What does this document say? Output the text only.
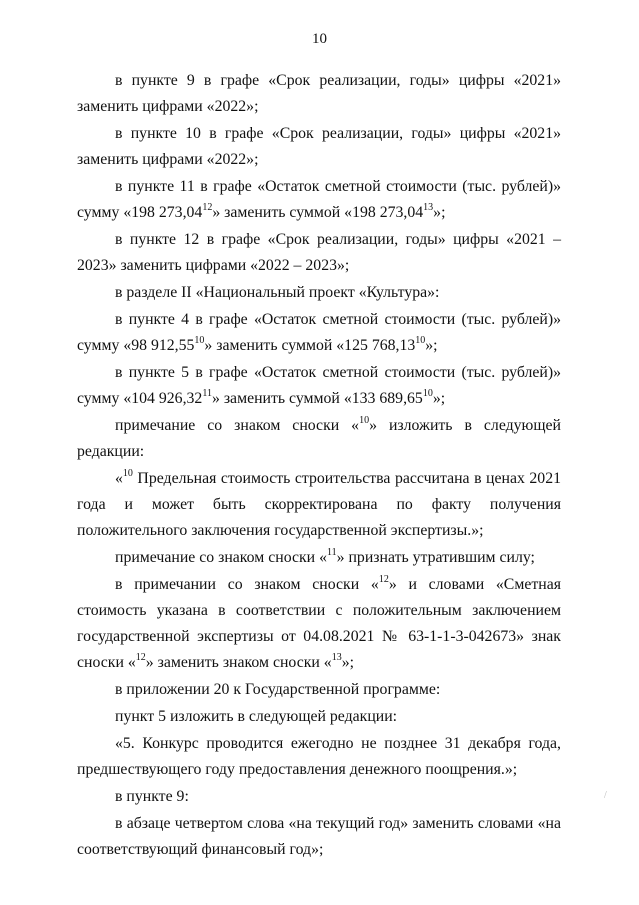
10

в пункте 9 в графе «Срок реализации, годы» цифры «2021» заменить цифрами «2022»;

в пункте 10 в графе «Срок реализации, годы» цифры «2021» заменить цифрами «2022»;

в пункте 11 в графе «Остаток сметной стоимости (тыс. рублей)» сумму «198 273,04$^{12}$» заменить суммой «198 273,04$^{13}$»;

в пункте 12 в графе «Срок реализации, годы» цифры «2021 – 2023» заменить цифрами «2022 – 2023»;

в разделе II «Национальный проект «Культура»:

в пункте 4 в графе «Остаток сметной стоимости (тыс. рублей)» сумму «98 912,55$^{10}$» заменить суммой «125 768,13$^{10}$»;

в пункте 5 в графе «Остаток сметной стоимости (тыс. рублей)» сумму «104 926,32$^{11}$» заменить суммой «133 689,65$^{10}$»;

примечание со знаком сноски «$^{10}$» изложить в следующей редакции:

«$^{10}$ Предельная стоимость строительства рассчитана в ценах 2021 года и может быть скорректирована по факту получения положительного заключения государственной экспертизы.»;

примечание со знаком сноски «$^{11}$» признать утратившим силу;

в примечании со знаком сноски «$^{12}$» и словами «Сметная стоимость указана в соответствии с положительным заключением государственной экспертизы от 04.08.2021 № 63-1-1-3-042673» знак сноски «$^{12}$» заменить знаком сноски «$^{13}$»;

в приложении 20 к Государственной программе:

пункт 5 изложить в следующей редакции:

«5. Конкурс проводится ежегодно не позднее 31 декабря года, предшествующего году предоставления денежного поощрения.»;

в пункте 9:

в абзаце четвертом слова «на текущий год» заменить словами «на соответствующий финансовый год»;

/
